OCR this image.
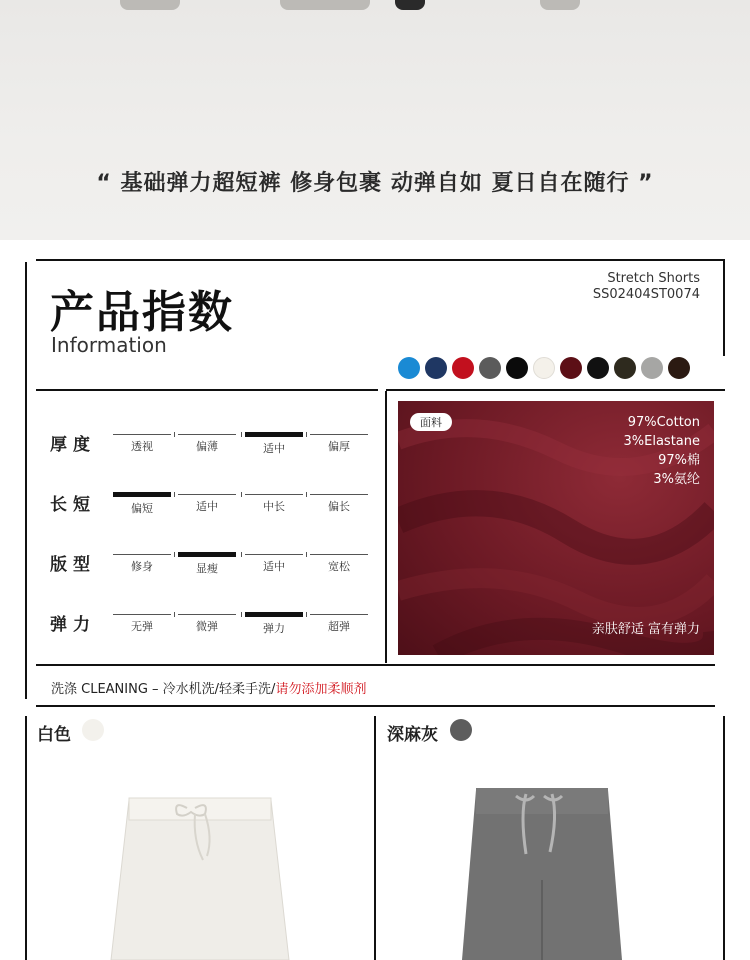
“ 基础弹力超短裤 修身包裹 动弹自如 夏日自在随行 ”
产品指数
Information
Stretch Shorts
SS02404ST0074
厚度	透视	偏薄	适中	偏厚
长短	偏短	适中	中长	偏长
版型	修身	显瘦	适中	宽松
弹力	无弹	微弹	弹力	超弹
面料	97%Cotton
3%Elastane
97%棉
3%氨纶
亲肤舒适 富有弹力
洗涤 CLEANING – 冷水机洗/轻柔手洗/请勿添加柔顺剂
白色	深麻灰
